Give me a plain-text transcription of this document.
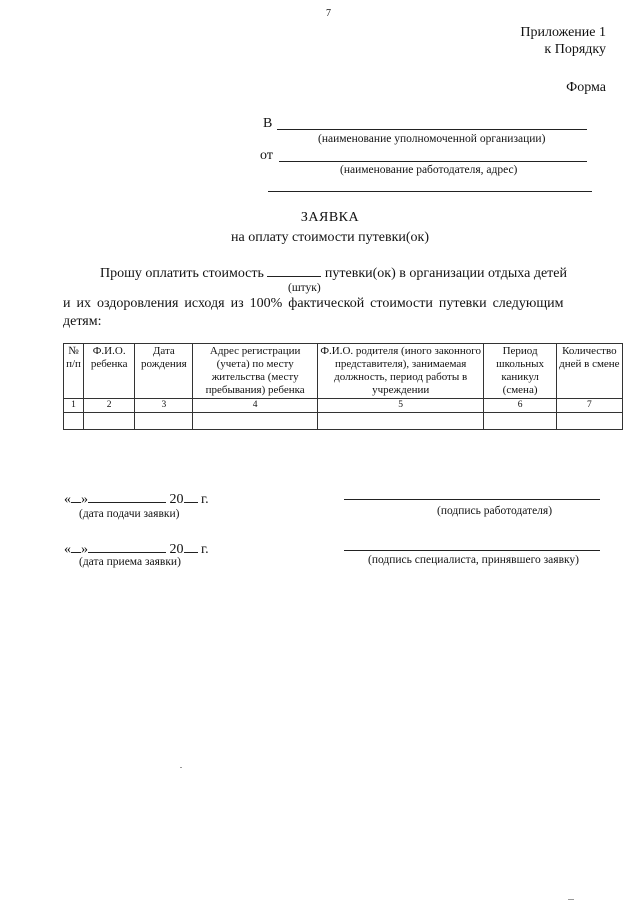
7
Приложение 1
к Порядку
Форма
В
(наименование уполномоченной организации)
от
(наименование работодателя, адрес)
ЗАЯВКА
на оплату стоимости путевки(ок)
Прошу оплатить стоимость	путевки(ок) в организации отдыха детей
(штук)
и их оздоровления исходя из 100% фактической стоимости путевки следующим
детям:
№ п/п	Ф.И.О. ребенка	Дата рождения	Адрес регистрации (учета) по месту жительства (месту пребывания) ребенка	Ф.И.О. родителя (иного законного представителя), занимаемая должность, период работы в учреждении	Период школьных каникул (смена)	Количество дней в смене
1	2	3	4	5	6	7

« »	20 г.
(дата подачи заявки)	(подпись работодателя)
« »	20 г.
(дата приема заявки)	(подпись специалиста, принявшего заявку)
